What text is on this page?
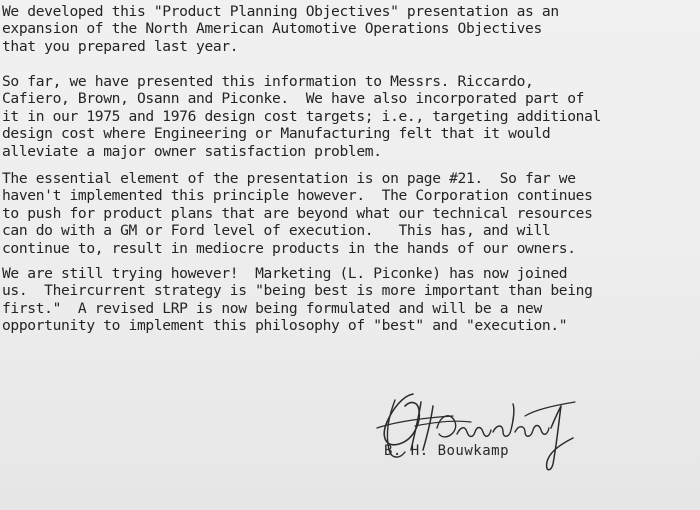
We developed this "Product Planning Objectives" presentation as an
expansion of the North American Automotive Operations Objectives
that you prepared last year.

So far, we have presented this information to Messrs. Riccardo,
Cafiero, Brown, Osann and Piconke.  We have also incorporated part of
it in our 1975 and 1976 design cost targets; i.e., targeting additional
design cost where Engineering or Manufacturing felt that it would
alleviate a major owner satisfaction problem.

The essential element of the presentation is on page #21.  So far we
haven't implemented this principle however.  The Corporation continues
to push for product plans that are beyond what our technical resources
can do with a GM or Ford level of execution.   This has, and will
continue to, result in mediocre products in the hands of our owners.

We are still trying however!  Marketing (L. Piconke) has now joined
us.  Theircurrent strategy is "being best is more important than being
first."  A revised LRP is now being formulated and will be a new
opportunity to implement this philosophy of "best" and "execution."

B. H. Bouwkamp
